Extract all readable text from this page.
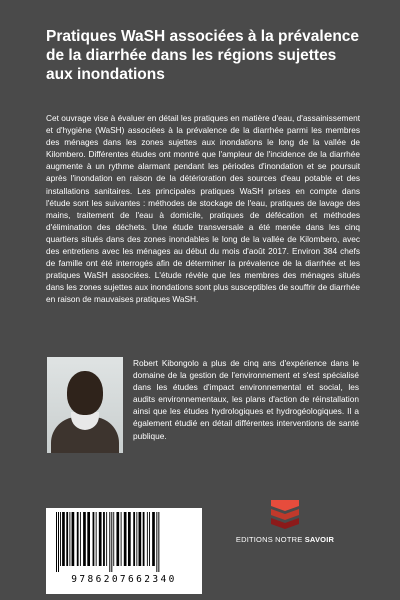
Pratiques WaSH associées à la prévalence de la diarrhée dans les régions sujettes aux inondations

Cet ouvrage vise à évaluer en détail les pratiques en matière d'eau, d'assainissement et d'hygiène (WaSH) associées à la prévalence de la diarrhée parmi les membres des ménages dans les zones sujettes aux inondations le long de la vallée de Kilombero. Différentes études ont montré que l'ampleur de l'incidence de la diarrhée augmente à un rythme alarmant pendant les périodes d'inondation et se poursuit après l'inondation en raison de la détérioration des sources d'eau potable et des installations sanitaires. Les principales pratiques WaSH prises en compte dans l'étude sont les suivantes : méthodes de stockage de l'eau, pratiques de lavage des mains, traitement de l'eau à domicile, pratiques de défécation et méthodes d'élimination des déchets. Une étude transversale a été menée dans les cinq quartiers situés dans des zones inondables le long de la vallée de Kilombero, avec des entretiens avec les ménages au début du mois d'août 2017. Environ 384 chefs de famille ont été interrogés afin de déterminer la prévalence de la diarrhée et les pratiques WaSH associées. L'étude révèle que les membres des ménages situés dans les zones sujettes aux inondations sont plus susceptibles de souffrir de diarrhée en raison de mauvaises pratiques WaSH.

Robert Kibongolo a plus de cinq ans d'expérience dans le domaine de la gestion de l'environnement et s'est spécialisé dans les études d'impact environnemental et social, les audits environnementaux, les plans d'action de réinstallation ainsi que les études hydrologiques et hydrogéologiques. Il a également étudié en détail différentes interventions de santé publique.

EDITIONS NOTRE SAVOIR
9786207662340
